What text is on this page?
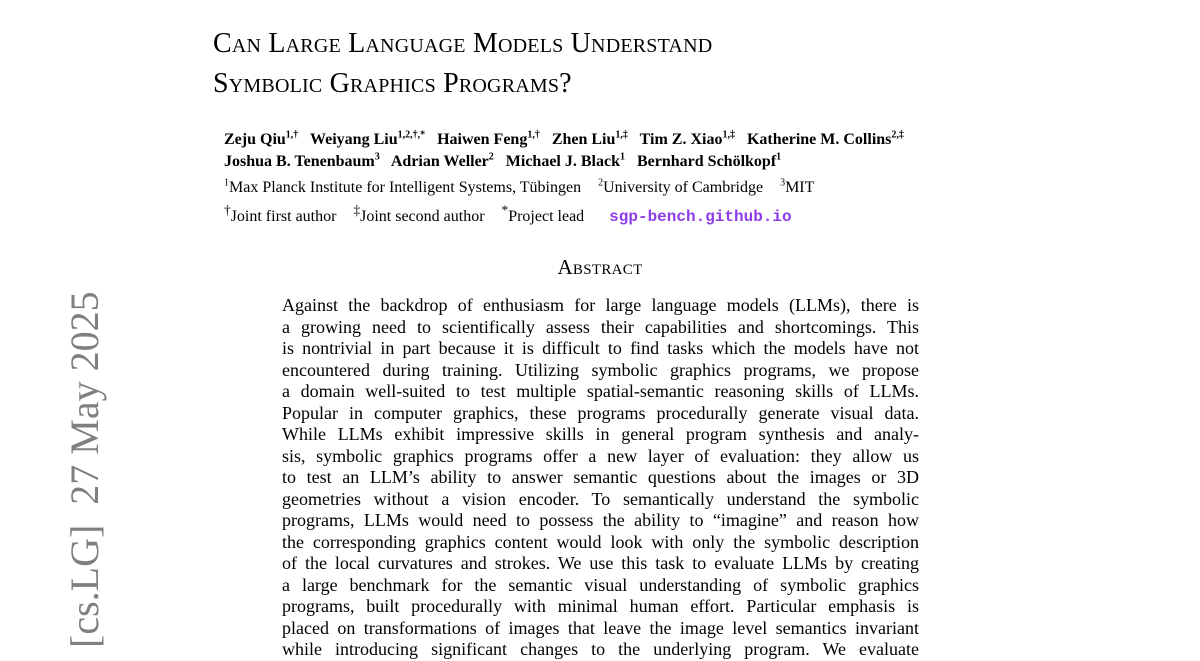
Can Large Language Models Understand
Symbolic Graphics Programs?
Zeju Qiu$^{1,\dagger}$ Weiyang Liu$^{1,2,\dagger,*}$ Haiwen Feng$^{1,\dagger}$ Zhen Liu$^{1,\ddagger}$ Tim Z. Xiao$^{1,\ddagger}$ Katherine M. Collins$^{2,\ddagger}$
Joshua B. Tenenbaum$^3$ Adrian Weller$^2$ Michael J. Black$^1$ Bernhard Schölkopf$^1$
$^1$Max Planck Institute for Intelligent Systems, Tübingen $^2$University of Cambridge $^3$MIT
†Joint first author ‡Joint second author *Project lead sgp-bench.github.io
Abstract
Against the backdrop of enthusiasm for large language models (LLMs), there is
a growing need to scientifically assess their capabilities and shortcomings. This
is nontrivial in part because it is difficult to find tasks which the models have not
encountered during training. Utilizing symbolic graphics programs, we propose
a domain well-suited to test multiple spatial-semantic reasoning skills of LLMs.
Popular in computer graphics, these programs procedurally generate visual data.
While LLMs exhibit impressive skills in general program synthesis and analy-
sis, symbolic graphics programs offer a new layer of evaluation: they allow us
to test an LLM’s ability to answer semantic questions about the images or 3D
geometries without a vision encoder. To semantically understand the symbolic
programs, LLMs would need to possess the ability to “imagine” and reason how
the corresponding graphics content would look with only the symbolic description
of the local curvatures and strokes. We use this task to evaluate LLMs by creating
a large benchmark for the semantic visual understanding of symbolic graphics
programs, built procedurally with minimal human effort. Particular emphasis is
placed on transformations of images that leave the image level semantics invariant
while introducing significant changes to the underlying program. We evaluate
[cs.LG]  27 May 2025
